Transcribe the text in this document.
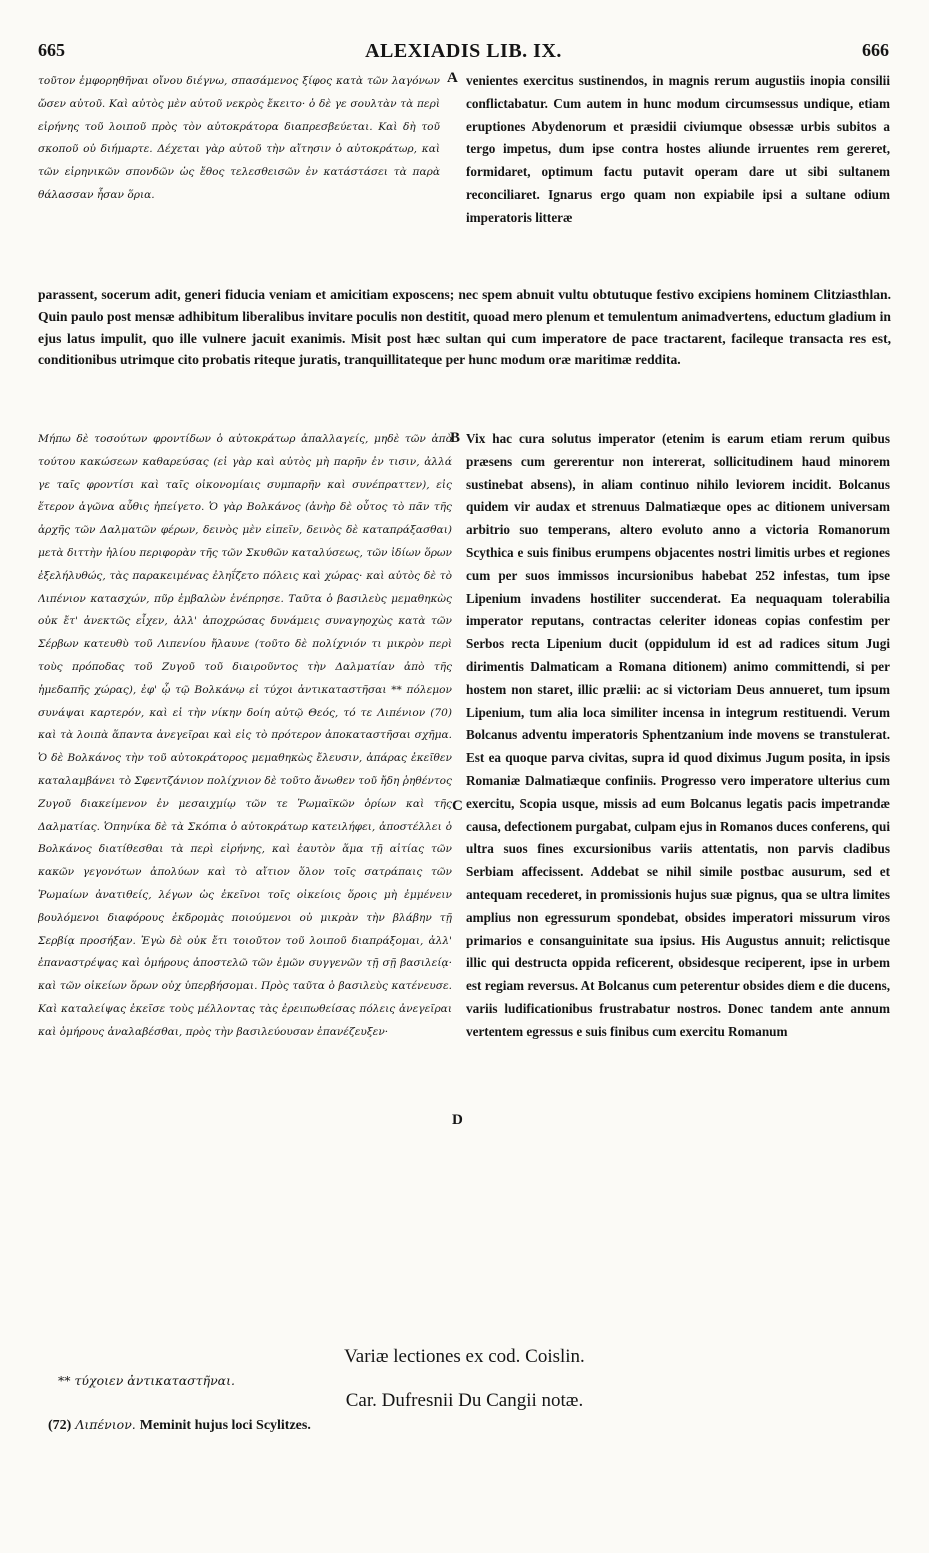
665	ALEXIADIS LIB. IX.	666

τοῦτον ἐμφορηθῆναι οἴνου διέγνω, σπασάμενος ξίφος κατὰ τῶν λαγόνων ὤσεν αὐτοῦ. Καὶ αὐτὸς μὲν αὐτοῦ νεκρὸς ἔκειτο· ὁ δὲ γε σουλτὰν τὰ περὶ εἰρήνης τοῦ λοιποῦ πρὸς τὸν αὐτοκράτορα διαπρεσβεύεται. Καὶ δὴ τοῦ σκοποῦ οὐ διήμαρτε. Δέχεται γὰρ αὐτοῦ τὴν αἴτησιν ὁ αὐτοκράτωρ, καὶ τῶν εἰρηνικῶν σπονδῶν ὡς ἔθος τελεσθεισῶν ἐν κατάστάσει τὰ παρὰ θάλασσαν ἦσαν ὅρια.

venientes exercitus sustinendos, in magnis rerum augustiis inopia consilii conflictabatur. Cum autem in hunc modum circumsessus undique, etiam eruptiones Abydenorum et præsidii civiumque obsessæ urbis subitos a tergo impetus, dum ipse contra hostes aliunde irruentes rem gereret, formidaret, optimum factu putavit operam dare ut sibi sultanem reconciliaret. Ignarus ergo quam non expiabile ipsi a sultane odium imperatoris litteræ

parassent, socerum adit, generi fiducia veniam et amicitiam exposcens; nec spem abnuit vultu obtutuque festivo excipiens hominem Clitziasthlan. Quin paulo post mensæ adhibitum liberalibus invitare poculis non destitit, quoad mero plenum et temulentum animadvertens, eductum gladium in ejus latus impulit, quo ille vulnere jacuit exanimis. Misit post hæc sultan qui cum imperatore de pace tractarent, facileque transacta res est, conditionibus utrimque cito probatis riteque juratis, tranquillitateque per hunc modum oræ maritimæ reddita.

Μήπω δὲ τοσούτων φροντίδων ὁ αὐτοκράτωρ ἀπαλλαγείς, μηδὲ τῶν ἀπὸ τούτου κακώσεων καθαρεύσας (εἰ γὰρ καὶ αὐτὸς μὴ παρῆν ἐν τισιν, ἀλλά γε ταῖς φροντίσι καὶ ταῖς οἰκονομίαις συμπαρῆν καὶ συνέπραττεν), εἰς ἕτερον ἀγῶνα αὖθις ἠπείγετο. Ὁ γὰρ Βολκάνος (ἀνὴρ δὲ οὗτος τὸ πᾶν τῆς ἀρχῆς τῶν Δαλματῶν φέρων, δεινὸς μὲν εἰπεῖν, δεινὸς δὲ καταπράξασθαι) μετὰ διττὴν ἡλίου περιφορὰν τῆς τῶν Σκυθῶν καταλύσεως, τῶν ἰδίων ὅρων ἐξελήλυθώς, τὰς παρακειμένας ἐληΐζετο πόλεις καὶ χώρας· καὶ αὐτὸς δὲ τὸ Λιπένιον κατασχών, πῦρ ἐμβαλὼν ἐνέπρησε. Ταῦτα ὁ βασιλεὺς μεμαθηκὼς οὐκ ἔτ' ἀνεκτῶς εἶχεν, ἀλλ' ἀποχρώσας δυνάμεις συναγηοχὼς κατὰ τῶν Σέρβων κατευθὺ τοῦ Λιπενίου ἤλαυνε (τοῦτο δὲ πολίχνιόν τι μικρὸν περὶ τοὺς πρόποδας τοῦ Ζυγοῦ τοῦ διαιροῦντος τὴν Δαλματίαν ἀπὸ τῆς ἡμεδαπῆς χώρας), ἐφ' ᾧ τῷ Βολκάνῳ εἰ τύχοι ἀντικαταστῆσαι ** πόλεμον συνάψαι καρτερόν, καὶ εἰ τὴν νίκην δοίη αὐτῷ Θεός, τό τε Λιπένιον (70) καὶ τὰ λοιπὰ ἅπαντα ἀνεγεῖραι καὶ εἰς τὸ πρότερον ἀποκαταστῆσαι σχῆμα. Ὁ δὲ Βολκάνος τὴν τοῦ αὐτοκράτορος μεμαθηκὼς ἔλευσιν, ἀπάρας ἐκεῖθεν καταλαμβάνει τὸ Σφεντζάνιον πολίχνιον δὲ τοῦτο ἄνωθεν τοῦ ἤδη ῥηθέντος Ζυγοῦ διακείμενον ἐν μεσαιχμίῳ τῶν τε Ῥωμαϊκῶν ὁρίων καὶ τῆς Δαλματίας. Ὁπηνίκα δὲ τὰ Σκόπια ὁ αὐτοκράτωρ κατειλήφει, ἀποστέλλει ὁ Βολκάνος διατίθεσθαι τὰ περὶ εἰρήνης, καὶ ἑαυτὸν ἅμα τῇ αἰτίας τῶν κακῶν γεγονότων ἀπολύων καὶ τὸ αἴτιον ὅλον τοῖς σατράπαις τῶν Ῥωμαίων ἀνατιθείς, λέγων ὡς ἐκεῖνοι τοῖς οἰκείοις ὅροις μὴ ἐμμένειν βουλόμενοι διαφόρους ἐκδρομὰς ποιούμενοι οὐ μικρὰν τὴν βλάβην τῇ Σερβίᾳ προσήξαν. Ἐγὼ δὲ οὐκ ἔτι τοιοῦτον τοῦ λοιποῦ διαπράξομαι, ἀλλ' ἐπαναστρέψας καὶ ὁμήρους ἀποστελῶ τῶν ἐμῶν συγγενῶν τῇ σῇ βασιλείᾳ· καὶ τῶν οἰκείων ὅρων οὐχ ὑπερβήσομαι. Πρὸς ταῦτα ὁ βασιλεὺς κατένευσε. Καὶ καταλείψας ἐκεῖσε τοὺς μέλλοντας τὰς ἐρειπωθείσας πόλεις ἀνεγεῖραι καὶ ὁμήρους ἀναλαβέσθαι, πρὸς τὴν βασιλεύουσαν ἐπανέζευξεν·

Vix hac cura solutus imperator (etenim is earum etiam rerum quibus præsens cum gererentur non intererat, sollicitudinem haud minorem sustinebat absens), in aliam continuo nihilo leviorem incidit. Bolcanus quidem vir audax et strenuus Dalmatiæque opes ac ditionem universam arbitrio suo temperans, altero evoluto anno a victoria Romanorum Scythica e suis finibus erumpens objacentes nostri limitis urbes et regiones cum per suos immissos incursionibus habebat 252 infestas, tum ipse Lipenium invadens hostiliter succenderat. Ea nequaquam tolerabilia imperator reputans, contractas celeriter idoneas copias confestim per Serbos recta Lipenium ducit (oppidulum id est ad radices situm Jugi dirimentis Dalmaticam a Romana ditionem) animo committendi, si per hostem non staret, illic prælii: ac si victoriam Deus annueret, tum ipsum Lipenium, tum alia loca similiter incensa in integrum restituendi. Verum Bolcanus adventu imperatoris Sphentzanium inde movens se transtulerat. Est ea quoque parva civitas, supra id quod diximus Jugum posita, in ipsis Romaniæ Dalmatiæque confiniis. Progresso vero imperatore ulterius cum exercitu, Scopia usque, missis ad eum Bolcanus legatis pacis impetrandæ causa, defectionem purgabat, culpam ejus in Romanos duces conferens, qui ultra suos fines excursionibus variis attentatis, non parvis cladibus Serbiam affecissent. Addebat se nihil simile postbac ausurum, sed et antequam recederet, in promissionis hujus suæ pignus, qua se ultra limites amplius non egressurum spondebat, obsides imperatori missurum viros primarios e consanguinitate sua ipsius. His Augustus annuit; relictisque illic qui destructa oppida reficerent, obsidesque reciperent, ipse in urbem est regiam reversus. At Bolcanus cum peterentur obsides diem e die ducens, variis ludificationibus frustrabatur nostros. Donec tandem ante annum vertentem egressus e suis finibus cum exercitu Romanum

A
B
C
D
Variæ lectiones ex cod. Coislin.
** τύχοιεν ἀντικαταστῆναι.
Car. Dufresnii Du Cangii notæ.
(72) Λιπένιον. Meminit hujus loci Scylitzes.
